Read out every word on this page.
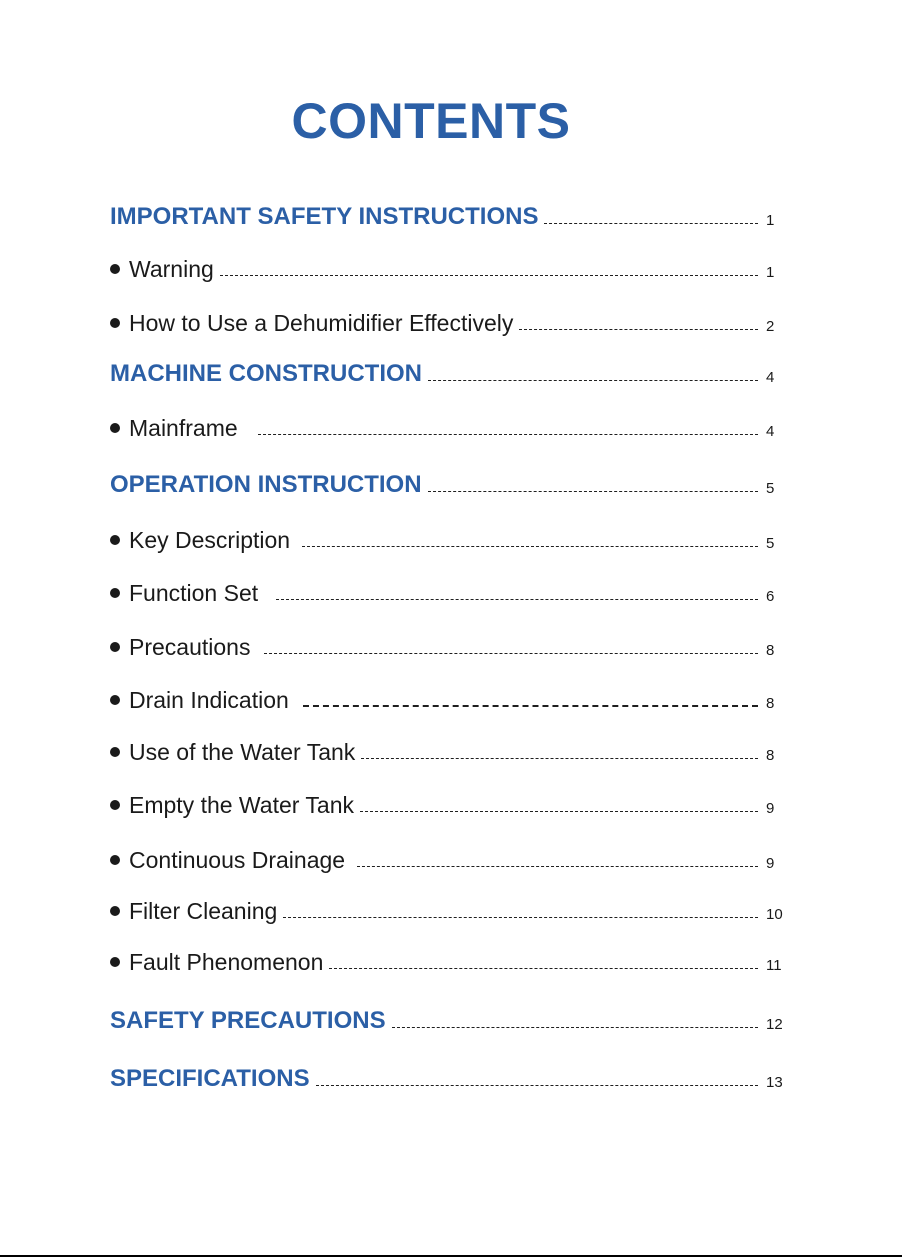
CONTENTS
IMPORTANT SAFETY INSTRUCTIONS	1
Warning	1
How to Use a Dehumidifier Effectively	2
MACHINE CONSTRUCTION	4
Mainframe	4
OPERATION INSTRUCTION	5
Key Description	5
Function Set	6
Precautions	8
Drain Indication	8
Use of the Water Tank	8
Empty the Water Tank	9
Continuous Drainage	9
Filter Cleaning	10
Fault Phenomenon	11
SAFETY PRECAUTIONS	12
SPECIFICATIONS	13
